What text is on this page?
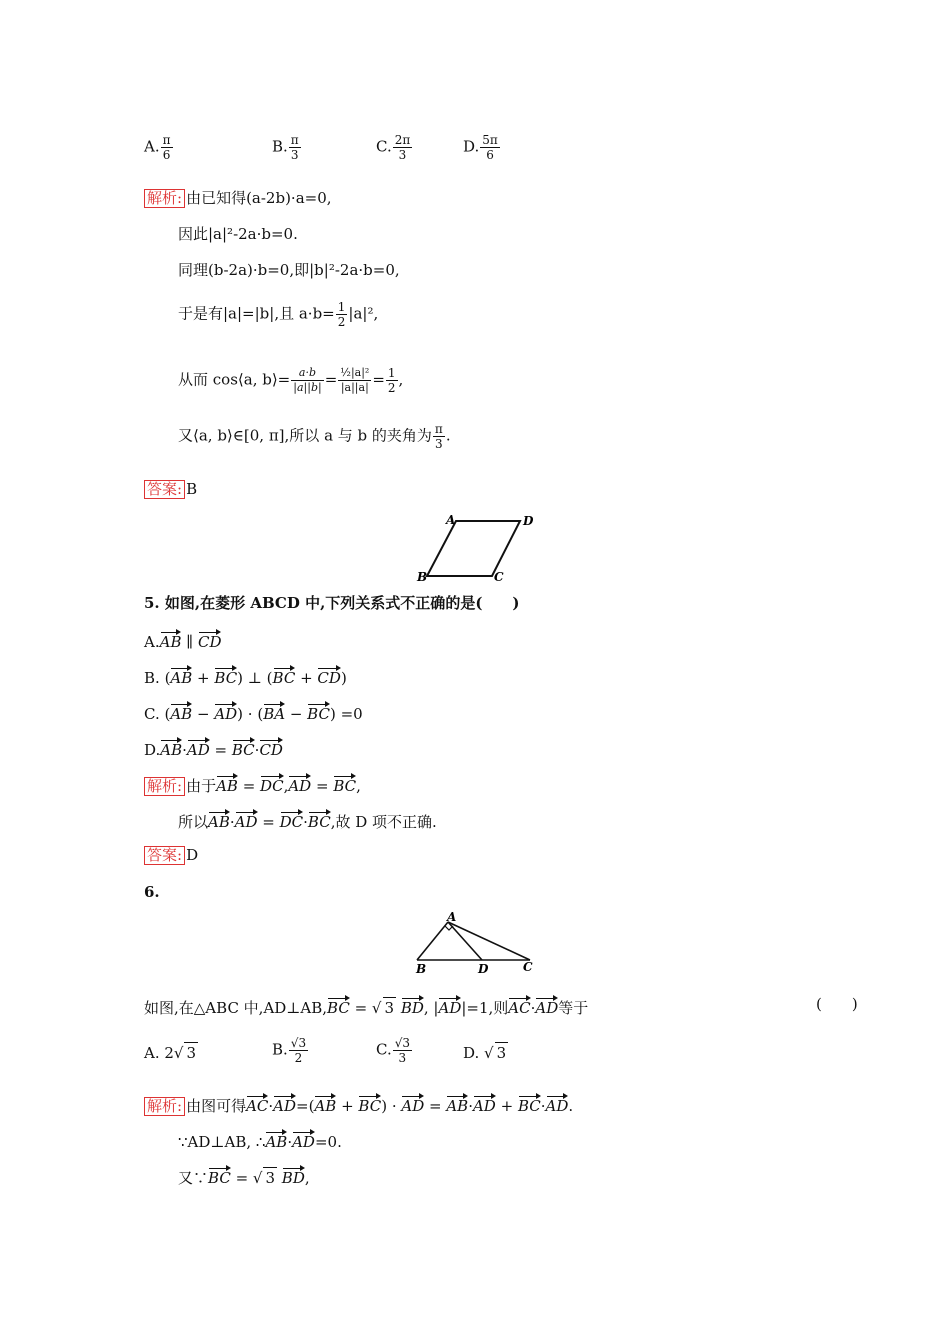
A. $\frac{\pi}{6}$	B. $\frac{\pi}{3}$	C. $\frac{2\pi}{3}$	D. $\frac{5\pi}{6}$
解析: 由已知得(a-2b)·a=0,
因此|a|²-2a·b=0.
同理(b-2a)·b=0,即|b|²-2a·b=0,
于是有|a|=|b|,且 $a\cdot b= \frac{1}{2} |a|^2$,
从而 cos⟨a, b⟩= $\frac{a\cdot b}{|a||b|} = \frac{\text{½|a|²}}{|a||a|} = \frac{1}{2}$ ,
又⟨a, b⟩∈[0, π],所以 a 与 b 的夹角为 $\frac{\pi}{3}$ .
答案: B
A	D
B	C
5. 如图,在菱形 ABCD 中,下列关系式不正确的是(　　)
A.AB ∥ CD
B. (AB + BC) ⊥ (BC + CD)
C. (AB − AD) · (BA − BC) =0
D.AB·AD = BC·CD
解析: 由于AB = DC,AD = BC,
所以AB·AD = DC·BC,故 D 项不正确.
答案: D
6.
A
B	D	C
如图,在△ABC 中,AD⊥AB,BC = √ 3 BD, |AD|=1,则AC·AD等于	(　　)
A. 2√ 3	B. $\frac{√3}{2}$	C. $\frac{√3}{3}$	D. √ 3
解析: 由图可得AC·AD=(AB + BC) · AD = AB·AD + BC·AD.
∵AD⊥AB, ∴AB·AD=0.
又∵BC = √ 3 BD,
